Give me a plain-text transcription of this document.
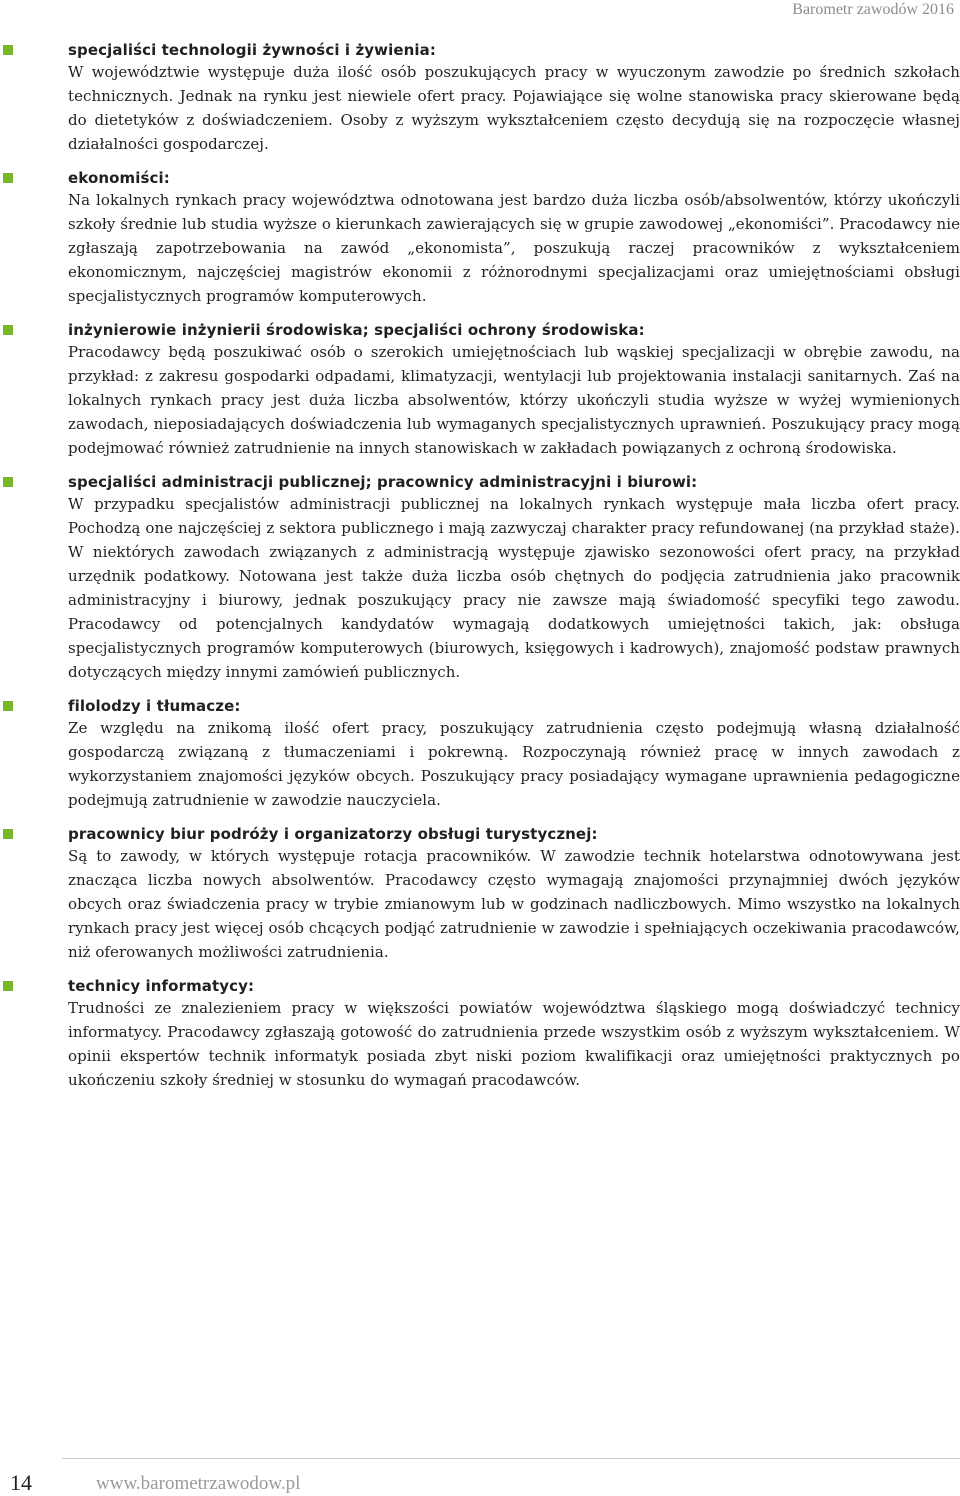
Barometr zawodów 2016
specjaliści technologii żywności i żywienia:
W województwie występuje duża ilość osób poszukujących pracy w wyuczonym zawodzie po średnich szkołach technicznych. Jednak na rynku jest niewiele ofert pracy. Pojawiające się wolne stanowiska pracy skierowane będą do dietetyków z doświadczeniem. Osoby z wyższym wykształceniem często decydują się na rozpoczęcie własnej działalności gospodarczej.
ekonomiści:
Na lokalnych rynkach pracy województwa odnotowana jest bardzo duża liczba osób/absolwentów, którzy ukończyli szkoły średnie lub studia wyższe o kierunkach zawierających się w grupie zawodowej „ekonomiści”. Pracodawcy nie zgłaszają zapotrzebowania na zawód „ekonomista”, poszukują raczej pracowników z wykształceniem ekonomicznym, najczęściej magistrów ekonomii z różnorodnymi specjalizacjami oraz umiejętnościami obsługi specjalistycznych programów komputerowych.
inżynierowie inżynierii środowiska; specjaliści ochrony środowiska:
Pracodawcy będą poszukiwać osób o szerokich umiejętnościach lub wąskiej specjalizacji w obrębie zawodu, na przykład: z zakresu gospodarki odpadami, klimatyzacji, wentylacji lub projektowania instalacji sanitarnych. Zaś na lokalnych rynkach pracy jest duża liczba absolwentów, którzy ukończyli studia wyższe w wyżej wymienionych zawodach, nieposiadających doświadczenia lub wymaganych specjalistycznych uprawnień. Poszukujący pracy mogą podejmować również zatrudnienie na innych stanowiskach w zakładach powiązanych z ochroną środowiska.
specjaliści administracji publicznej; pracownicy administracyjni i biurowi:
W przypadku specjalistów administracji publicznej na lokalnych rynkach występuje mała liczba ofert pracy. Pochodzą one najczęściej z sektora publicznego i mają zazwyczaj charakter pracy refundowanej (na przykład staże). W niektórych zawodach związanych z administracją występuje zjawisko sezonowości ofert pracy, na przykład urzędnik podatkowy. Notowana jest także duża liczba osób chętnych do podjęcia zatrudnienia jako pracownik administracyjny i biurowy, jednak poszukujący pracy nie zawsze mają świadomość specyfiki tego zawodu. Pracodawcy od potencjalnych kandydatów wymagają dodatkowych umiejętności takich, jak: obsługa specjalistycznych programów komputerowych (biurowych, księgowych i kadrowych), znajomość podstaw prawnych dotyczących między innymi zamówień publicznych.
filolodzy i tłumacze:
Ze względu na znikomą ilość ofert pracy, poszukujący zatrudnienia często podejmują własną działalność gospodarczą związaną z tłumaczeniami i pokrewną. Rozpoczynają również pracę w innych zawodach z wykorzystaniem znajomości języków obcych. Poszukujący pracy posiadający wymagane uprawnienia pedagogiczne podejmują zatrudnienie w zawodzie nauczyciela.
pracownicy biur podróży i organizatorzy obsługi turystycznej:
Są to zawody, w których występuje rotacja pracowników. W zawodzie technik hotelarstwa odnotowywana jest znacząca liczba nowych absolwentów. Pracodawcy często wymagają znajomości przynajmniej dwóch języków obcych oraz świadczenia pracy w trybie zmianowym lub w godzinach nadliczbowych. Mimo wszystko na lokalnych rynkach pracy jest więcej osób chcących podjąć zatrudnienie w zawodzie i spełniających oczekiwania pracodawców, niż oferowanych możliwości zatrudnienia.
technicy informatycy:
Trudności ze znalezieniem pracy w większości powiatów województwa śląskiego mogą doświadczyć technicy informatycy. Pracodawcy zgłaszają gotowość do zatrudnienia przede wszystkim osób z wyższym wykształceniem. W opinii ekspertów technik informatyk posiada zbyt niski poziom kwalifikacji oraz umiejętności praktycznych po ukończeniu szkoły średniej w stosunku do wymagań pracodawców.
14	www.barometrzawodow.pl
